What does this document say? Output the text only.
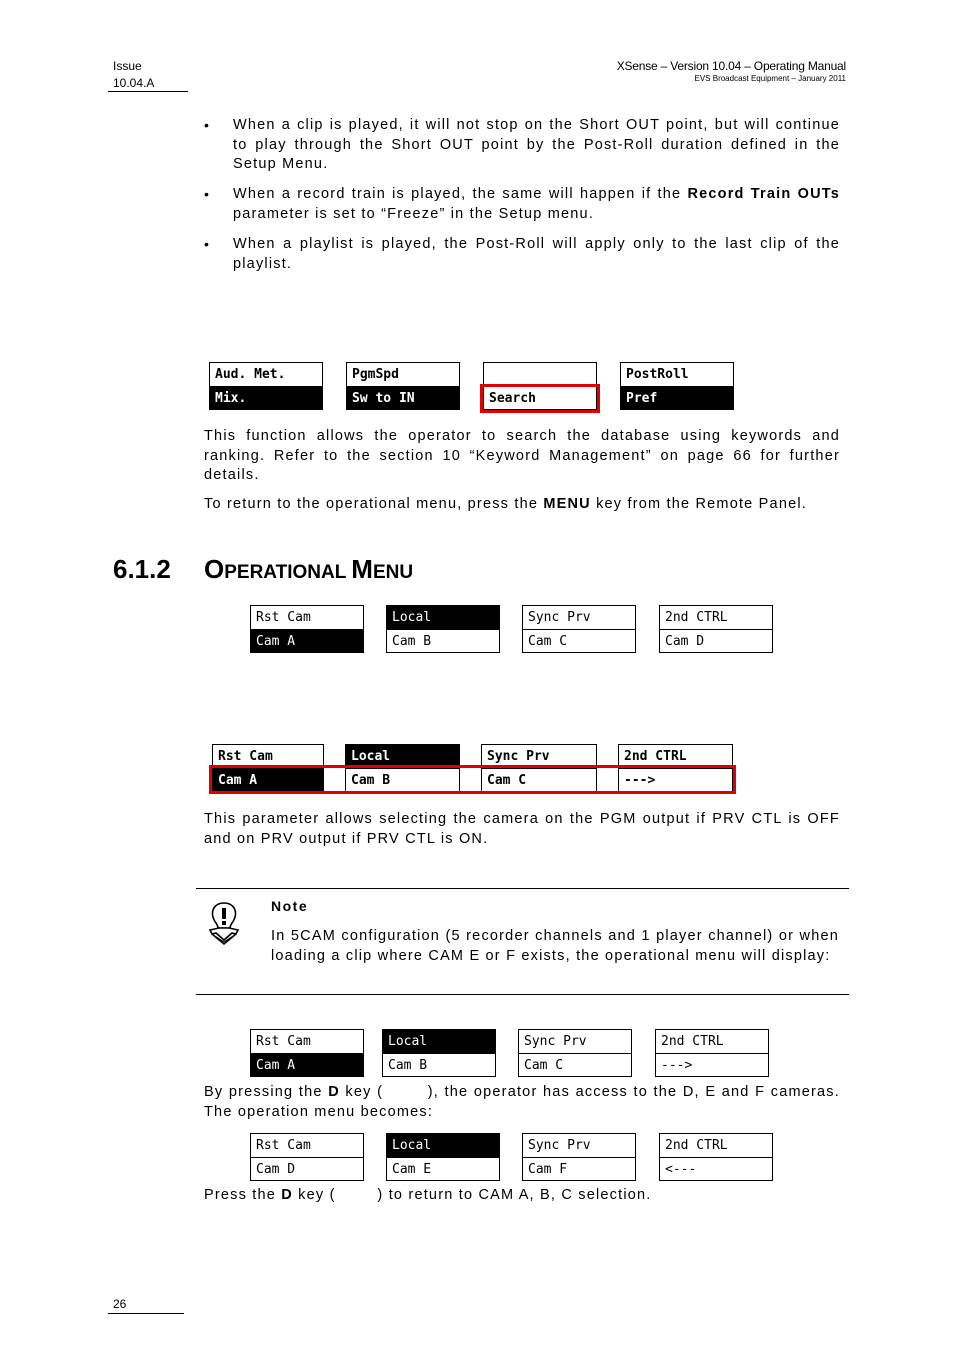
Issue
10.04.A
XSense – Version 10.04 – Operating Manual
EVS Broadcast Equipment – January 2011
• When a clip is played, it will not stop on the Short OUT point, but will continue to play through the Short OUT point by the Post-Roll duration defined in the Setup Menu.
• When a record train is played, the same will happen if the Record Train OUTs parameter is set to “Freeze” in the Setup menu.
• When a playlist is played, the Post-Roll will apply only to the last clip of the playlist.
Aud. Met.
Mix.
PgmSpd
Sw to IN	Search
PostRoll
Pref
This function allows the operator to search the database using keywords and ranking. Refer to the section 10 “Keyword Management” on page 66 for further details.
To return to the operational menu, press the MENU key from the Remote Panel.
6.1.2 OPERATIONAL MENU
Rst Cam
Cam A
Local
Cam B
Sync Prv
Cam C
2nd CTRL
Cam D
Rst Cam
Cam A
Local
Cam B
Sync Prv
Cam C
2nd CTRL
--->
This parameter allows selecting the camera on the PGM output if PRV CTL is OFF and on PRV output if PRV CTL is ON.
Note
In 5CAM configuration (5 recorder channels and 1 player channel) or when loading a clip where CAM E or F exists, the operational menu will display:
Rst Cam
Cam A
Local
Cam B
Sync Prv
Cam C
2nd CTRL
--->
By pressing the D key (        ), the operator has access to the D, E and F cameras. The operation menu becomes:
Rst Cam
Cam D
Local
Cam E
Sync Prv
Cam F
2nd CTRL
<---
Press the D key (        ) to return to CAM A, B, C selection.
26
